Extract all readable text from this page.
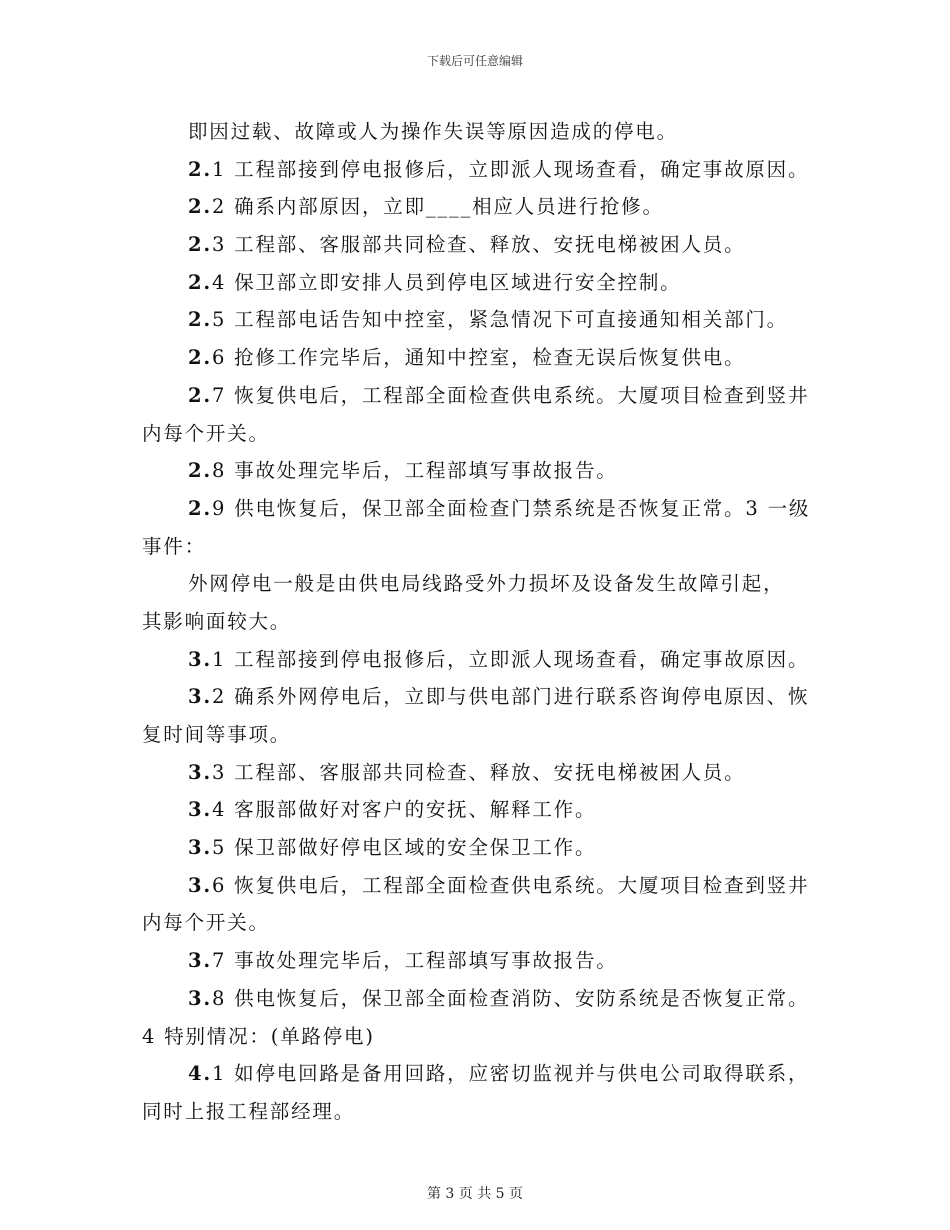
下载后可任意编辑
即因过载、故障或人为操作失误等原因造成的停电。
2.1 工程部接到停电报修后，立即派人现场查看，确定事故原因。
2.2 确系内部原因，立即____相应人员进行抢修。
2.3 工程部、客服部共同检查、释放、安抚电梯被困人员。
2.4 保卫部立即安排人员到停电区域进行安全控制。
2.5 工程部电话告知中控室，紧急情况下可直接通知相关部门。
2.6 抢修工作完毕后，通知中控室，检查无误后恢复供电。
2.7 恢复供电后，工程部全面检查供电系统。大厦项目检查到竖井
内每个开关。
2.8 事故处理完毕后，工程部填写事故报告。
2.9 供电恢复后，保卫部全面检查门禁系统是否恢复正常。3 一级
事件：
外网停电一般是由供电局线路受外力损坏及设备发生故障引起，
其影响面较大。
3.1 工程部接到停电报修后，立即派人现场查看，确定事故原因。
3.2 确系外网停电后，立即与供电部门进行联系咨询停电原因、恢
复时间等事项。
3.3 工程部、客服部共同检查、释放、安抚电梯被困人员。
3.4 客服部做好对客户的安抚、解释工作。
3.5 保卫部做好停电区域的安全保卫工作。
3.6 恢复供电后，工程部全面检查供电系统。大厦项目检查到竖井
内每个开关。
3.7 事故处理完毕后，工程部填写事故报告。
3.8 供电恢复后，保卫部全面检查消防、安防系统是否恢复正常。
4 特别情况：(单路停电)
4.1 如停电回路是备用回路，应密切监视并与供电公司取得联系，
同时上报工程部经理。
第 3 页 共 5 页
